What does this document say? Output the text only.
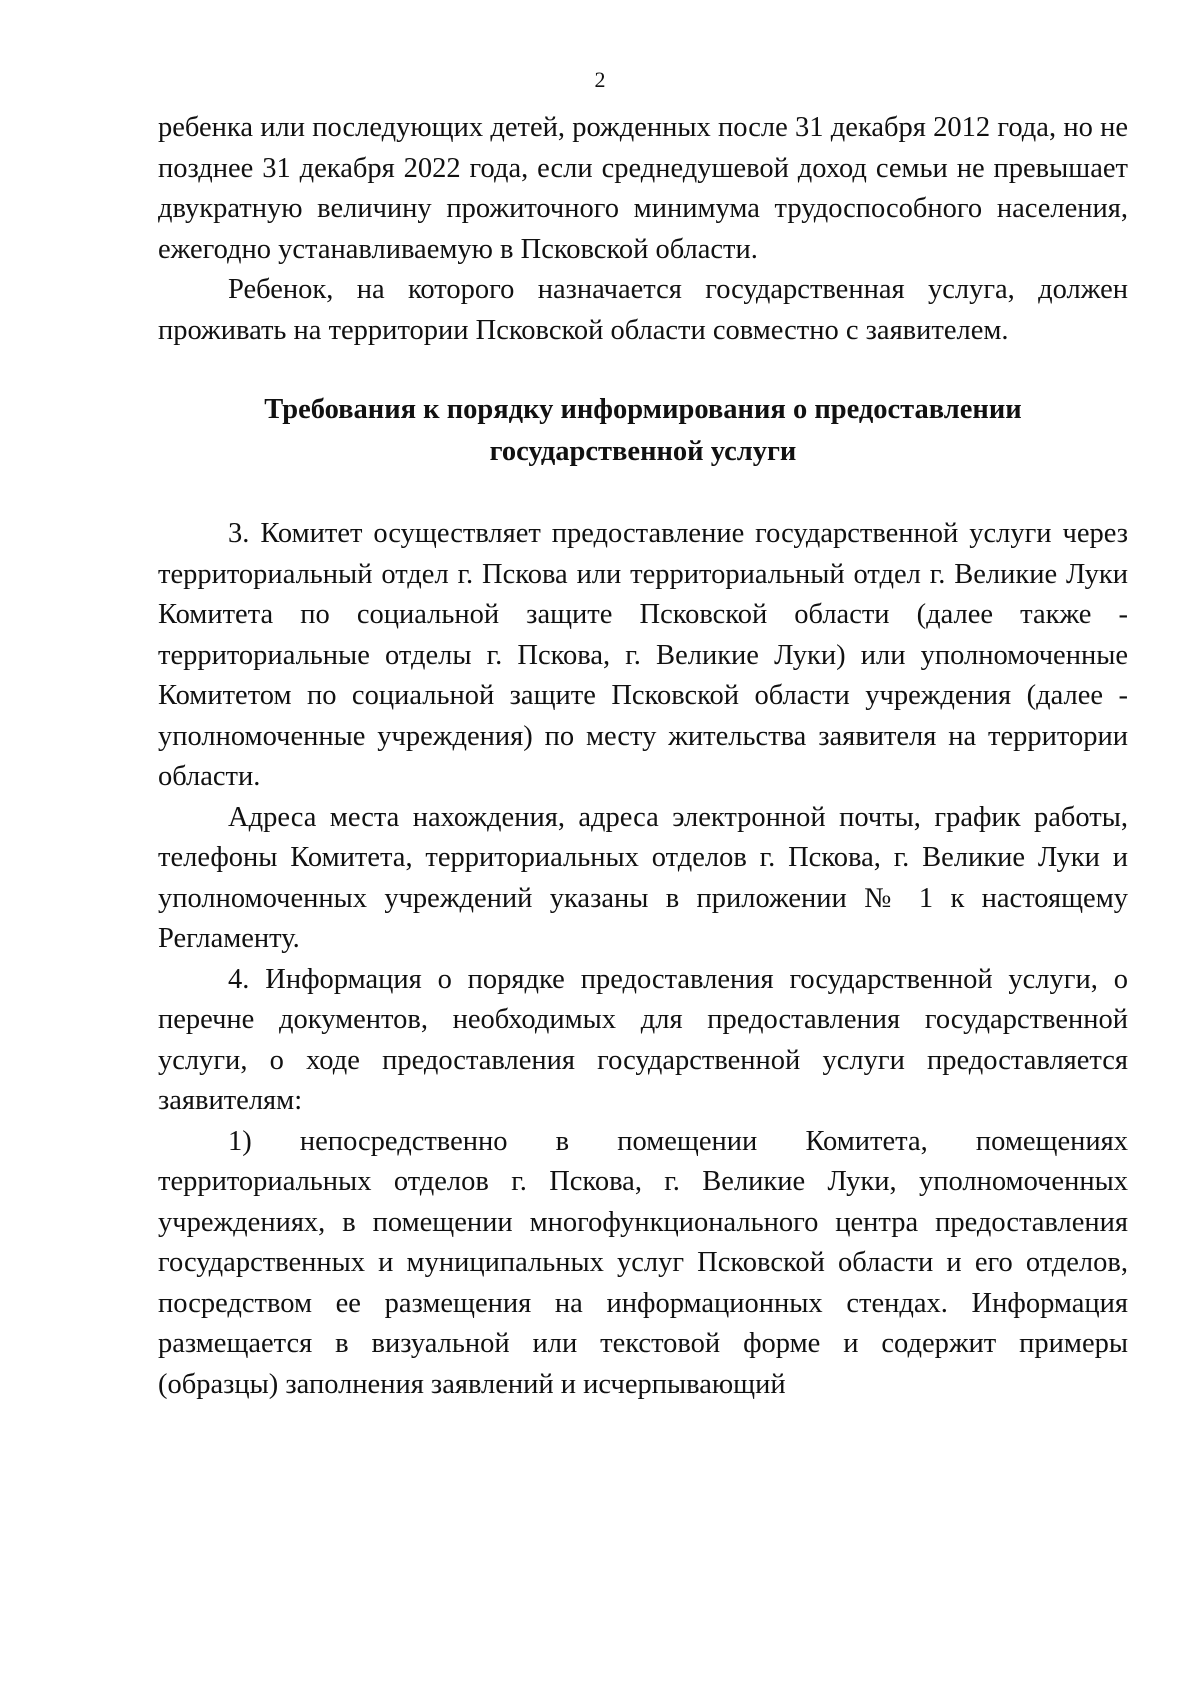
2

ребенка или последующих детей, рожденных после 31 декабря 2012 года, но не позднее 31 декабря 2022 года, если среднедушевой доход семьи не превышает двукратную величину прожиточного минимума трудоспособного населения, ежегодно устанавливаемую в Псковской области.

Ребенок, на которого назначается государственная услуга, должен проживать на территории Псковской области совместно с заявителем.

Требования к порядку информирования о предоставлении
государственной услуги

3. Комитет осуществляет предоставление государственной услуги через территориальный отдел г. Пскова или территориальный отдел г. Великие Луки Комитета по социальной защите Псковской области (далее также - территориальные отделы г. Пскова, г. Великие Луки) или уполномоченные Комитетом по социальной защите Псковской области учреждения (далее - уполномоченные учреждения) по месту жительства заявителя на территории области.

Адреса места нахождения, адреса электронной почты, график работы, телефоны Комитета, территориальных отделов г. Пскова, г. Великие Луки и уполномоченных учреждений указаны в приложении № 1 к настоящему Регламенту.

4. Информация о порядке предоставления государственной услуги, о перечне документов, необходимых для предоставления государственной услуги, о ходе предоставления государственной услуги предоставляется заявителям:

1) непосредственно в помещении Комитета, помещениях территориальных отделов г. Пскова, г. Великие Луки, уполномоченных учреждениях, в помещении многофункционального центра предоставления государственных и муниципальных услуг Псковской области и его отделов, посредством ее размещения на информационных стендах. Информация размещается в визуальной или текстовой форме и содержит примеры (образцы) заполнения заявлений и исчерпывающий
